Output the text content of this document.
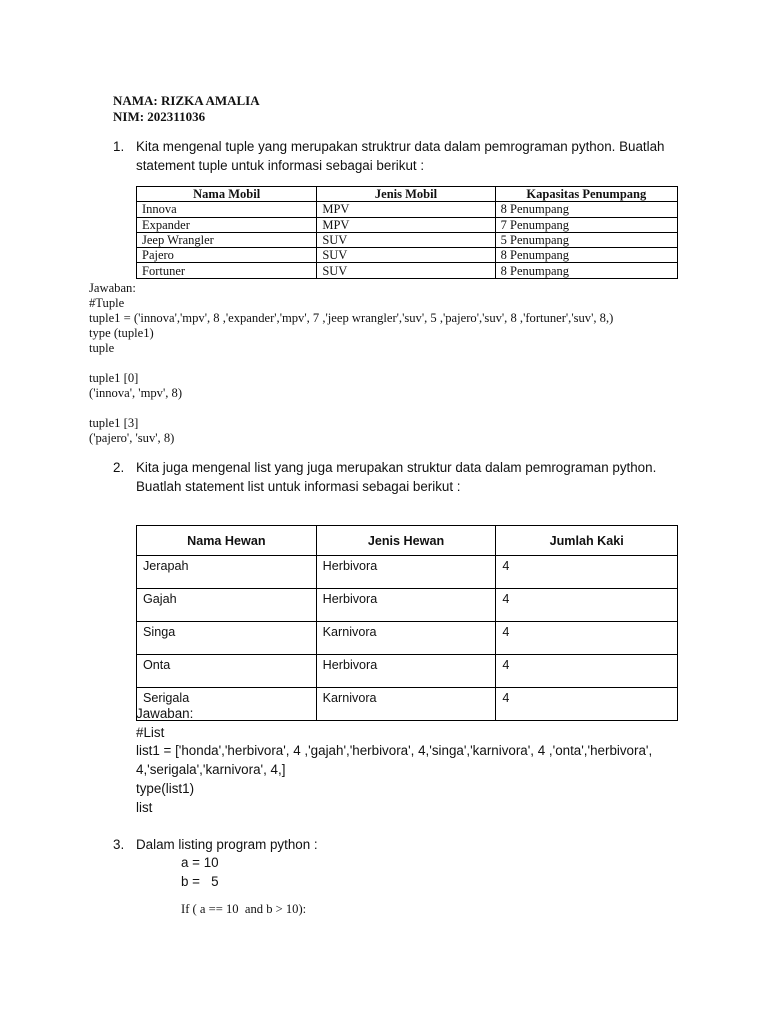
NAMA: RIZKA AMALIA
NIM: 202311036
1. Kita mengenal tuple yang merupakan struktrur data dalam pemrograman python. Buatlah statement tuple untuk informasi sebagai berikut :
Nama Mobil	Jenis Mobil	Kapasitas Penumpang
Innova	MPV	8 Penumpang
Expander	MPV	7 Penumpang
Jeep Wrangler	SUV	5 Penumpang
Pajero	SUV	8 Penumpang
Fortuner	SUV	8 Penumpang
Jawaban:
#Tuple
tuple1 = ('innova','mpv', 8 ,'expander','mpv', 7 ,'jeep wrangler','suv', 5 ,'pajero','suv', 8 ,'fortuner','suv', 8,)
type (tuple1)
tuple
tuple1 [0]
('innova', 'mpv', 8)
tuple1 [3]
('pajero', 'suv', 8)
2. Kita juga mengenal list yang juga merupakan struktur data dalam pemrograman python. Buatlah statement list untuk informasi sebagai berikut :
Nama Hewan	Jenis Hewan	Jumlah Kaki
Jerapah	Herbivora	4
Gajah	Herbivora	4
Singa	Karnivora	4
Onta	Herbivora	4
Serigala	Karnivora	4
Jawaban:
#List
list1 = ['honda','herbivora', 4 ,'gajah','herbivora', 4,'singa','karnivora', 4 ,'onta','herbivora',
4,'serigala','karnivora', 4,]
type(list1)
list
3. Dalam listing program python :
a = 10
b =   5
If ( a == 10  and b > 10):
